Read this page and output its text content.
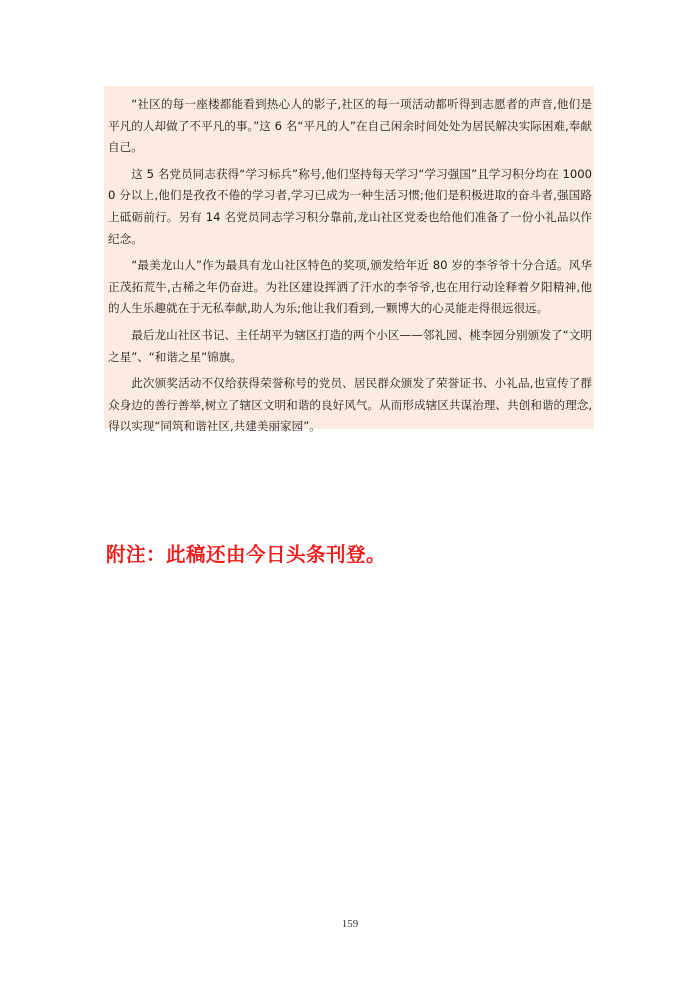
“社区的每一座楼都能看到热心人的影子,社区的每一项活动都听得到志愿者的声音,他们是平凡的人却做了不平凡的事。”这 6 名“平凡的人”在自己闲余时间处处为居民解决实际困难,奉献自己。

这 5 名党员同志获得“学习标兵”称号,他们坚持每天学习“学习强国”且学习积分均在 10000 分以上,他们是孜孜不倦的学习者,学习已成为一种生活习惯;他们是积极进取的奋斗者,强国路上砥砺前行。另有 14 名党员同志学习积分靠前,龙山社区党委也给他们准备了一份小礼品以作纪念。

“最美龙山人”作为最具有龙山社区特色的奖项,颁发给年近 80 岁的李爷爷十分合适。风华正茂拓荒牛,古稀之年仍奋进。为社区建设挥洒了汗水的李爷爷,也在用行动诠释着夕阳精神,他的人生乐趣就在于无私奉献,助人为乐;他让我们看到,一颗博大的心灵能走得很远很远。

最后龙山社区书记、主任胡平为辖区打造的两个小区——邻礼园、桃李园分别颁发了“文明之星”、“和谐之星”锦旗。

此次颁奖活动不仅给获得荣誉称号的党员、居民群众颁发了荣誉证书、小礼品,也宣传了群众身边的善行善举,树立了辖区文明和谐的良好风气。从而形成辖区共谋治理、共创和谐的理念,得以实现“同筑和谐社区,共建美丽家园”。

附注：此稿还由今日头条刊登。

159
